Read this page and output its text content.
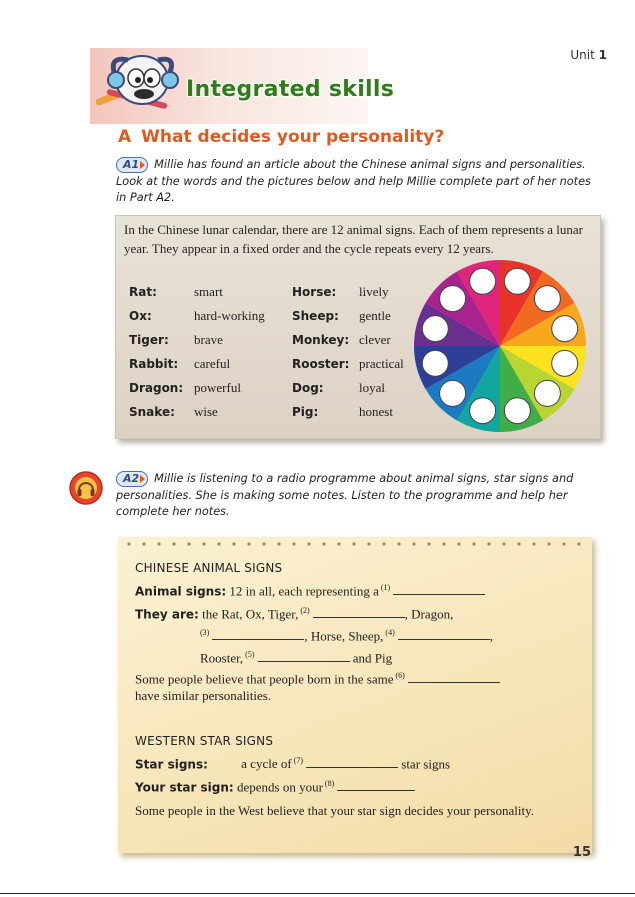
Unit 1
Integrated skills
A What decides your personality?
A1 Millie has found an article about the Chinese animal signs and personalities. Look at the words and the pictures below and help Millie complete part of her notes in Part A2.
In the Chinese lunar calendar, there are 12 animal signs. Each of them represents a lunar year. They appear in a fixed order and the cycle repeats every 12 years.
Rat:	smart
Ox:	hard-working
Tiger: brave
Rabbit: careful
Dragon: powerful
Snake: wise
Horse: lively
Sheep: gentle
Monkey: clever
Rooster: practical
Dog:	loyal
Pig:	honest
A2 Millie is listening to a radio programme about animal signs, star signs and personalities. She is making some notes. Listen to the programme and help her complete her notes.
CHINESE ANIMAL SIGNS
Animal signs: 12 in all, each representing a $^{(1)}$
They are: the Rat, Ox, Tiger, $^{(2)}$	, Dragon,
$^{(3)}$	, Horse, Sheep, $^{(4)}$	,
Rooster, $^{(5)}$	and Pig
Some people believe that people born in the same $^{(6)}$
have similar personalities.
WESTERN STAR SIGNS
Star signs:	a cycle of $^{(7)}$	star signs
Your star sign: depends on your $^{(8)}$
Some people in the West believe that your star sign decides your personality.
15
